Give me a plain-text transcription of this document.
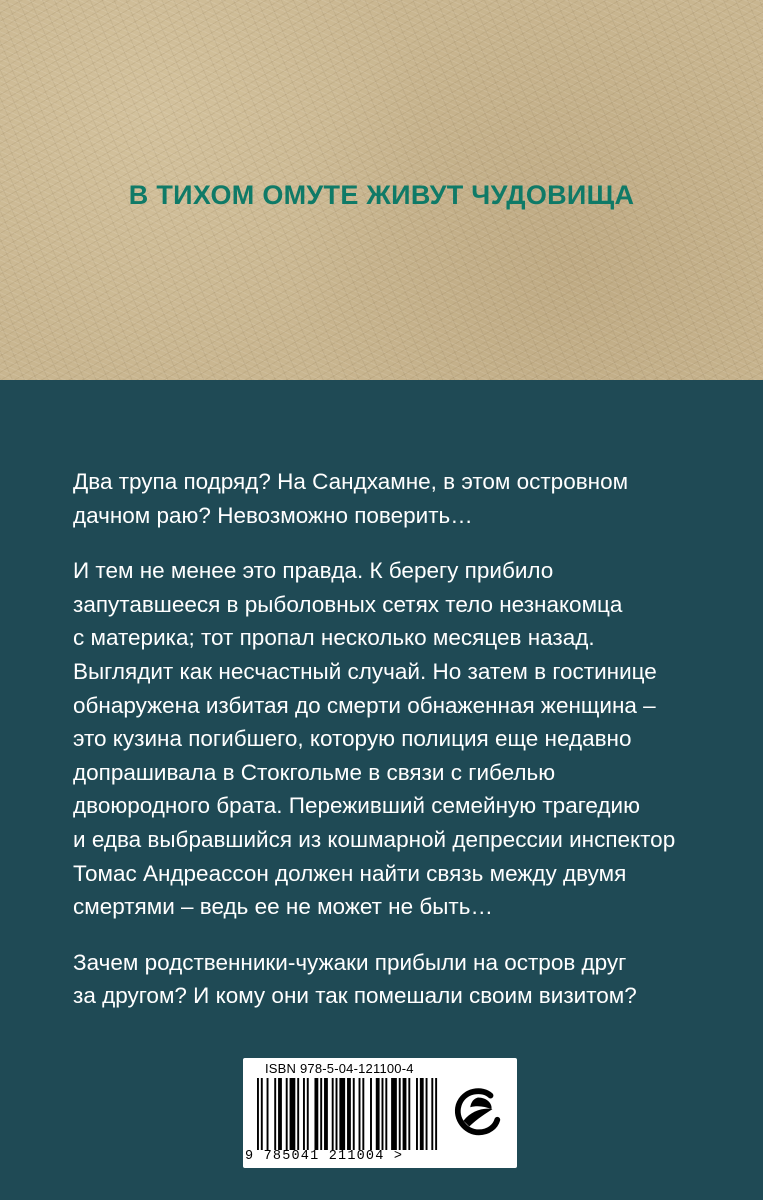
В ТИХОМ ОМУТЕ ЖИВУТ ЧУДОВИЩА

Два трупа подряд? На Сандхамне, в этом островном
дачном раю? Невозможно поверить…

И тем не менее это правда. К берегу прибило
запутавшееся в рыболовных сетях тело незнакомца
с материка; тот пропал несколько месяцев назад.
Выглядит как несчастный случай. Но затем в гостинице
обнаружена избитая до смерти обнаженная женщина –
это кузина погибшего, которую полиция еще недавно
допрашивала в Стокгольме в связи с гибелью
двоюродного брата. Переживший семейную трагедию
и едва выбравшийся из кошмарной депрессии инспектор
Томас Андреассон должен найти связь между двумя
смертями – ведь ее не может не быть…

Зачем родственники-чужаки прибыли на остров друг
за другом? И кому они так помешали своим визитом?

ISBN 978-5-04-121100-4
9 785041 211004 >
